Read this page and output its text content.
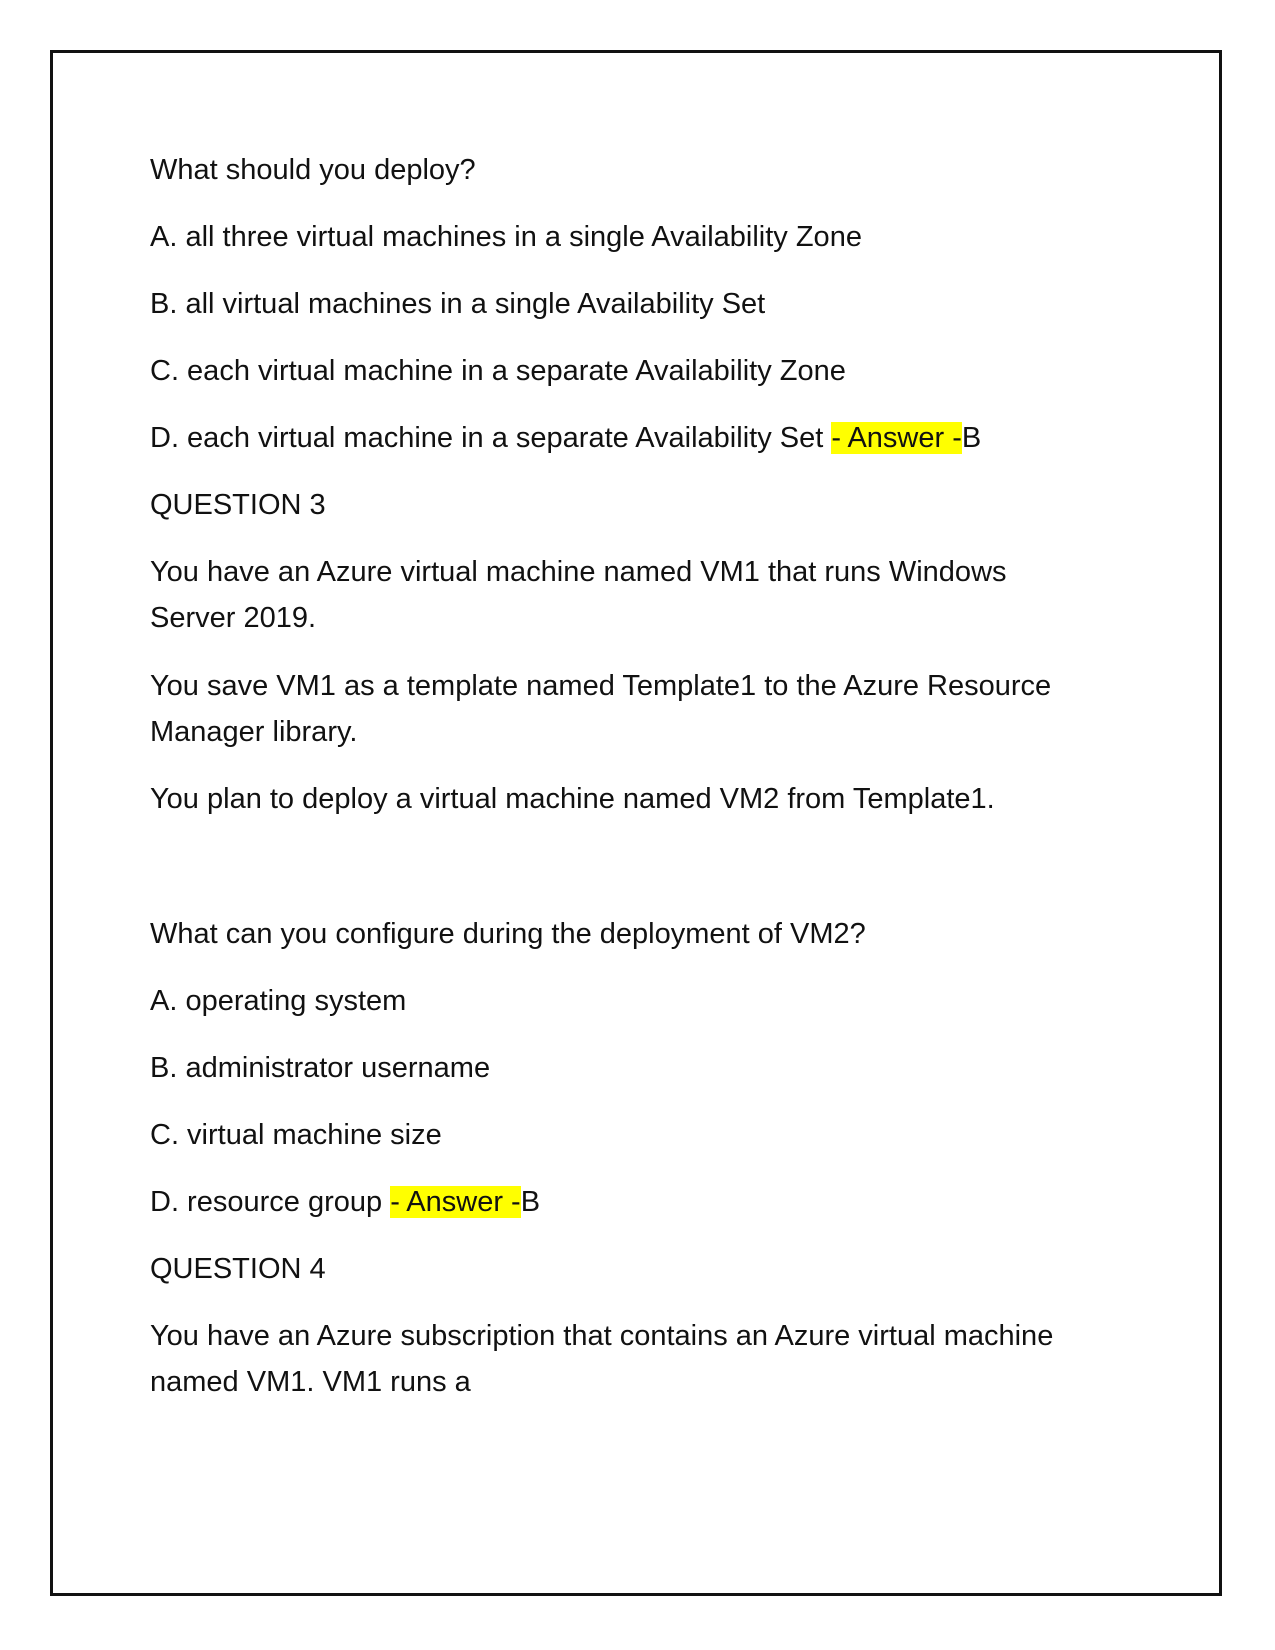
What should you deploy?

A. all three virtual machines in a single Availability Zone

B. all virtual machines in a single Availability Set

C. each virtual machine in a separate Availability Zone

D. each virtual machine in a separate Availability Set - Answer -B

QUESTION 3

You have an Azure virtual machine named VM1 that runs Windows

Server 2019.

You save VM1 as a template named Template1 to the Azure Resource

Manager library.

You plan to deploy a virtual machine named VM2 from Template1.

What can you configure during the deployment of VM2?

A. operating system

B. administrator username

C. virtual machine size

D. resource group - Answer -B

QUESTION 4

You have an Azure subscription that contains an Azure virtual machine

named VM1. VM1 runs a
